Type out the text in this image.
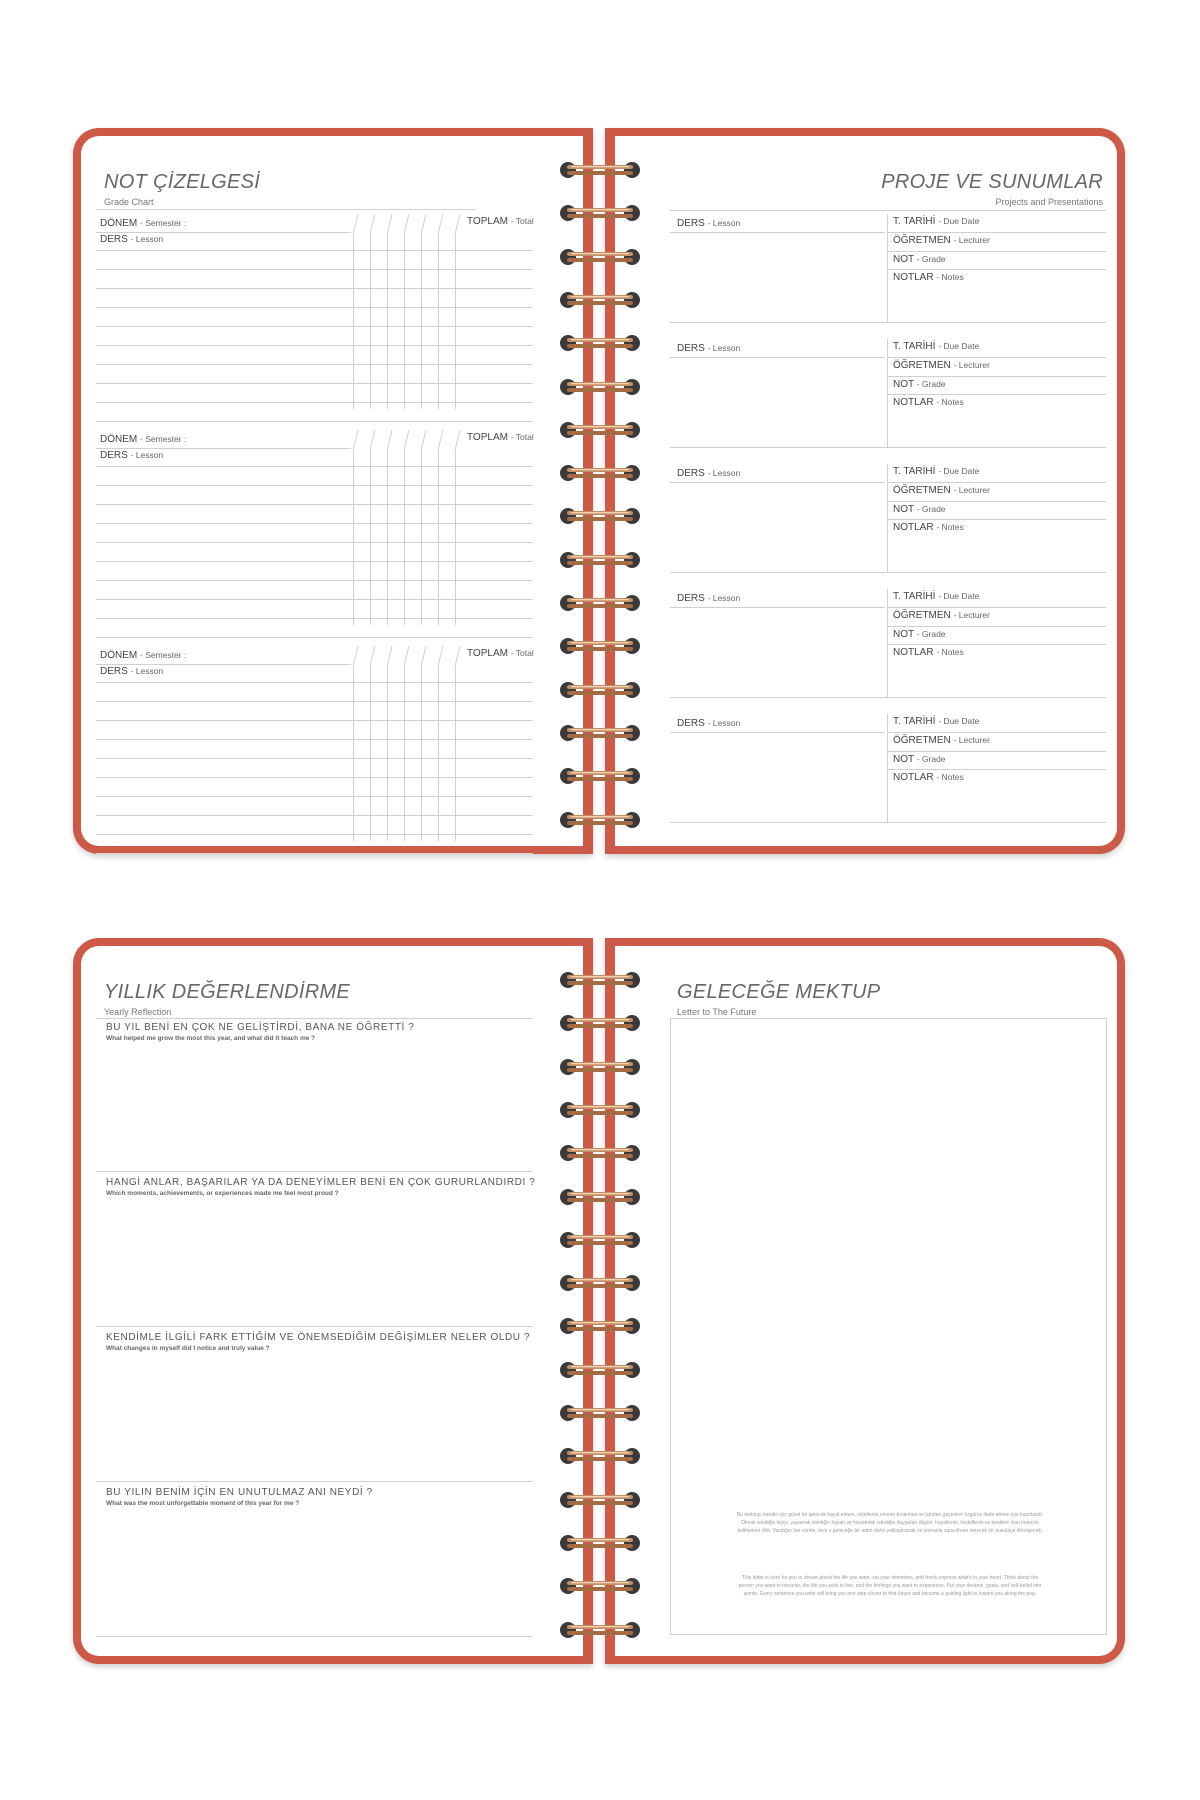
NOT ÇİZELGESİ
Grade Chart
DÖNEM - Semester :
DERS - Lesson
TOPLAM - Total
DÖNEM - Semester :
DERS - Lesson
TOPLAM - Total
DÖNEM - Semester :
DERS - Lesson
TOPLAM - Total
PROJE VE SUNUMLAR
Projects and Presentations
DERS - Lesson	T. TARİHİ - Due Date
ÖĞRETMEN - Lecturer
NOT - Grade
NOTLAR - Notes
DERS - Lesson	T. TARİHİ - Due Date
ÖĞRETMEN - Lecturer
NOT - Grade
NOTLAR - Notes
DERS - Lesson	T. TARİHİ - Due Date
ÖĞRETMEN - Lecturer
NOT - Grade
NOTLAR - Notes
DERS - Lesson	T. TARİHİ - Due Date
ÖĞRETMEN - Lecturer
NOT - Grade
NOTLAR - Notes
DERS - Lesson	T. TARİHİ - Due Date
ÖĞRETMEN - Lecturer
NOT - Grade
NOTLAR - Notes
YILLIK DEĞERLENDİRME
Yearly Reflection
BU YIL BENİ EN ÇOK NE GELİŞTİRDİ, BANA NE ÖĞRETTİ ?
What helped me grow the most this year, and what did it teach me ?
HANGİ ANLAR, BAŞARILAR YA DA DENEYİMLER BENİ EN ÇOK GURURLANDIRDI ?
Which moments, achievements, or experiences made me feel most proud ?
KENDİMLE İLGİLİ FARK ETTİĞİM VE ÖNEMSEDİĞİM DEĞİŞİMLER NELER OLDU ?
What changes in myself did I notice and truly value ?
BU YILIN BENİM İÇİN EN UNUTULMAZ ANI NEYDİ ?
What was the most unforgettable moment of this year for me ?
GELECEĞE MEKTUP
Letter to The Future
Bu mektup, kendin için güzel bir gelecek hayal etmen, niyetlerini evrene bırakman ve içinden geçenleri özgürce ifade etmen için hazırlandı. Olmak istediğin kişiyi, yaşamak istediğin hayatı ve hissetmek istediğin duyguları düşün; hayallerini, hedeflerini ve kendine olan inancını kelimelere dök. Yazdığın her cümle, seni o geleceğe bir adım daha yaklaştıracak ve zamanla sana ilham verecek bir pusulaya dönüşecek.
This letter is here for you to dream about the life you want, set your intentions, and freely express what's in your heart. Think about the person you want to become, the life you wish to live, and the feelings you want to experience. Put your dreams, goals, and self-belief into words. Every sentence you write will bring you one step closer to that future and become a guiding light to inspire you along the way.
